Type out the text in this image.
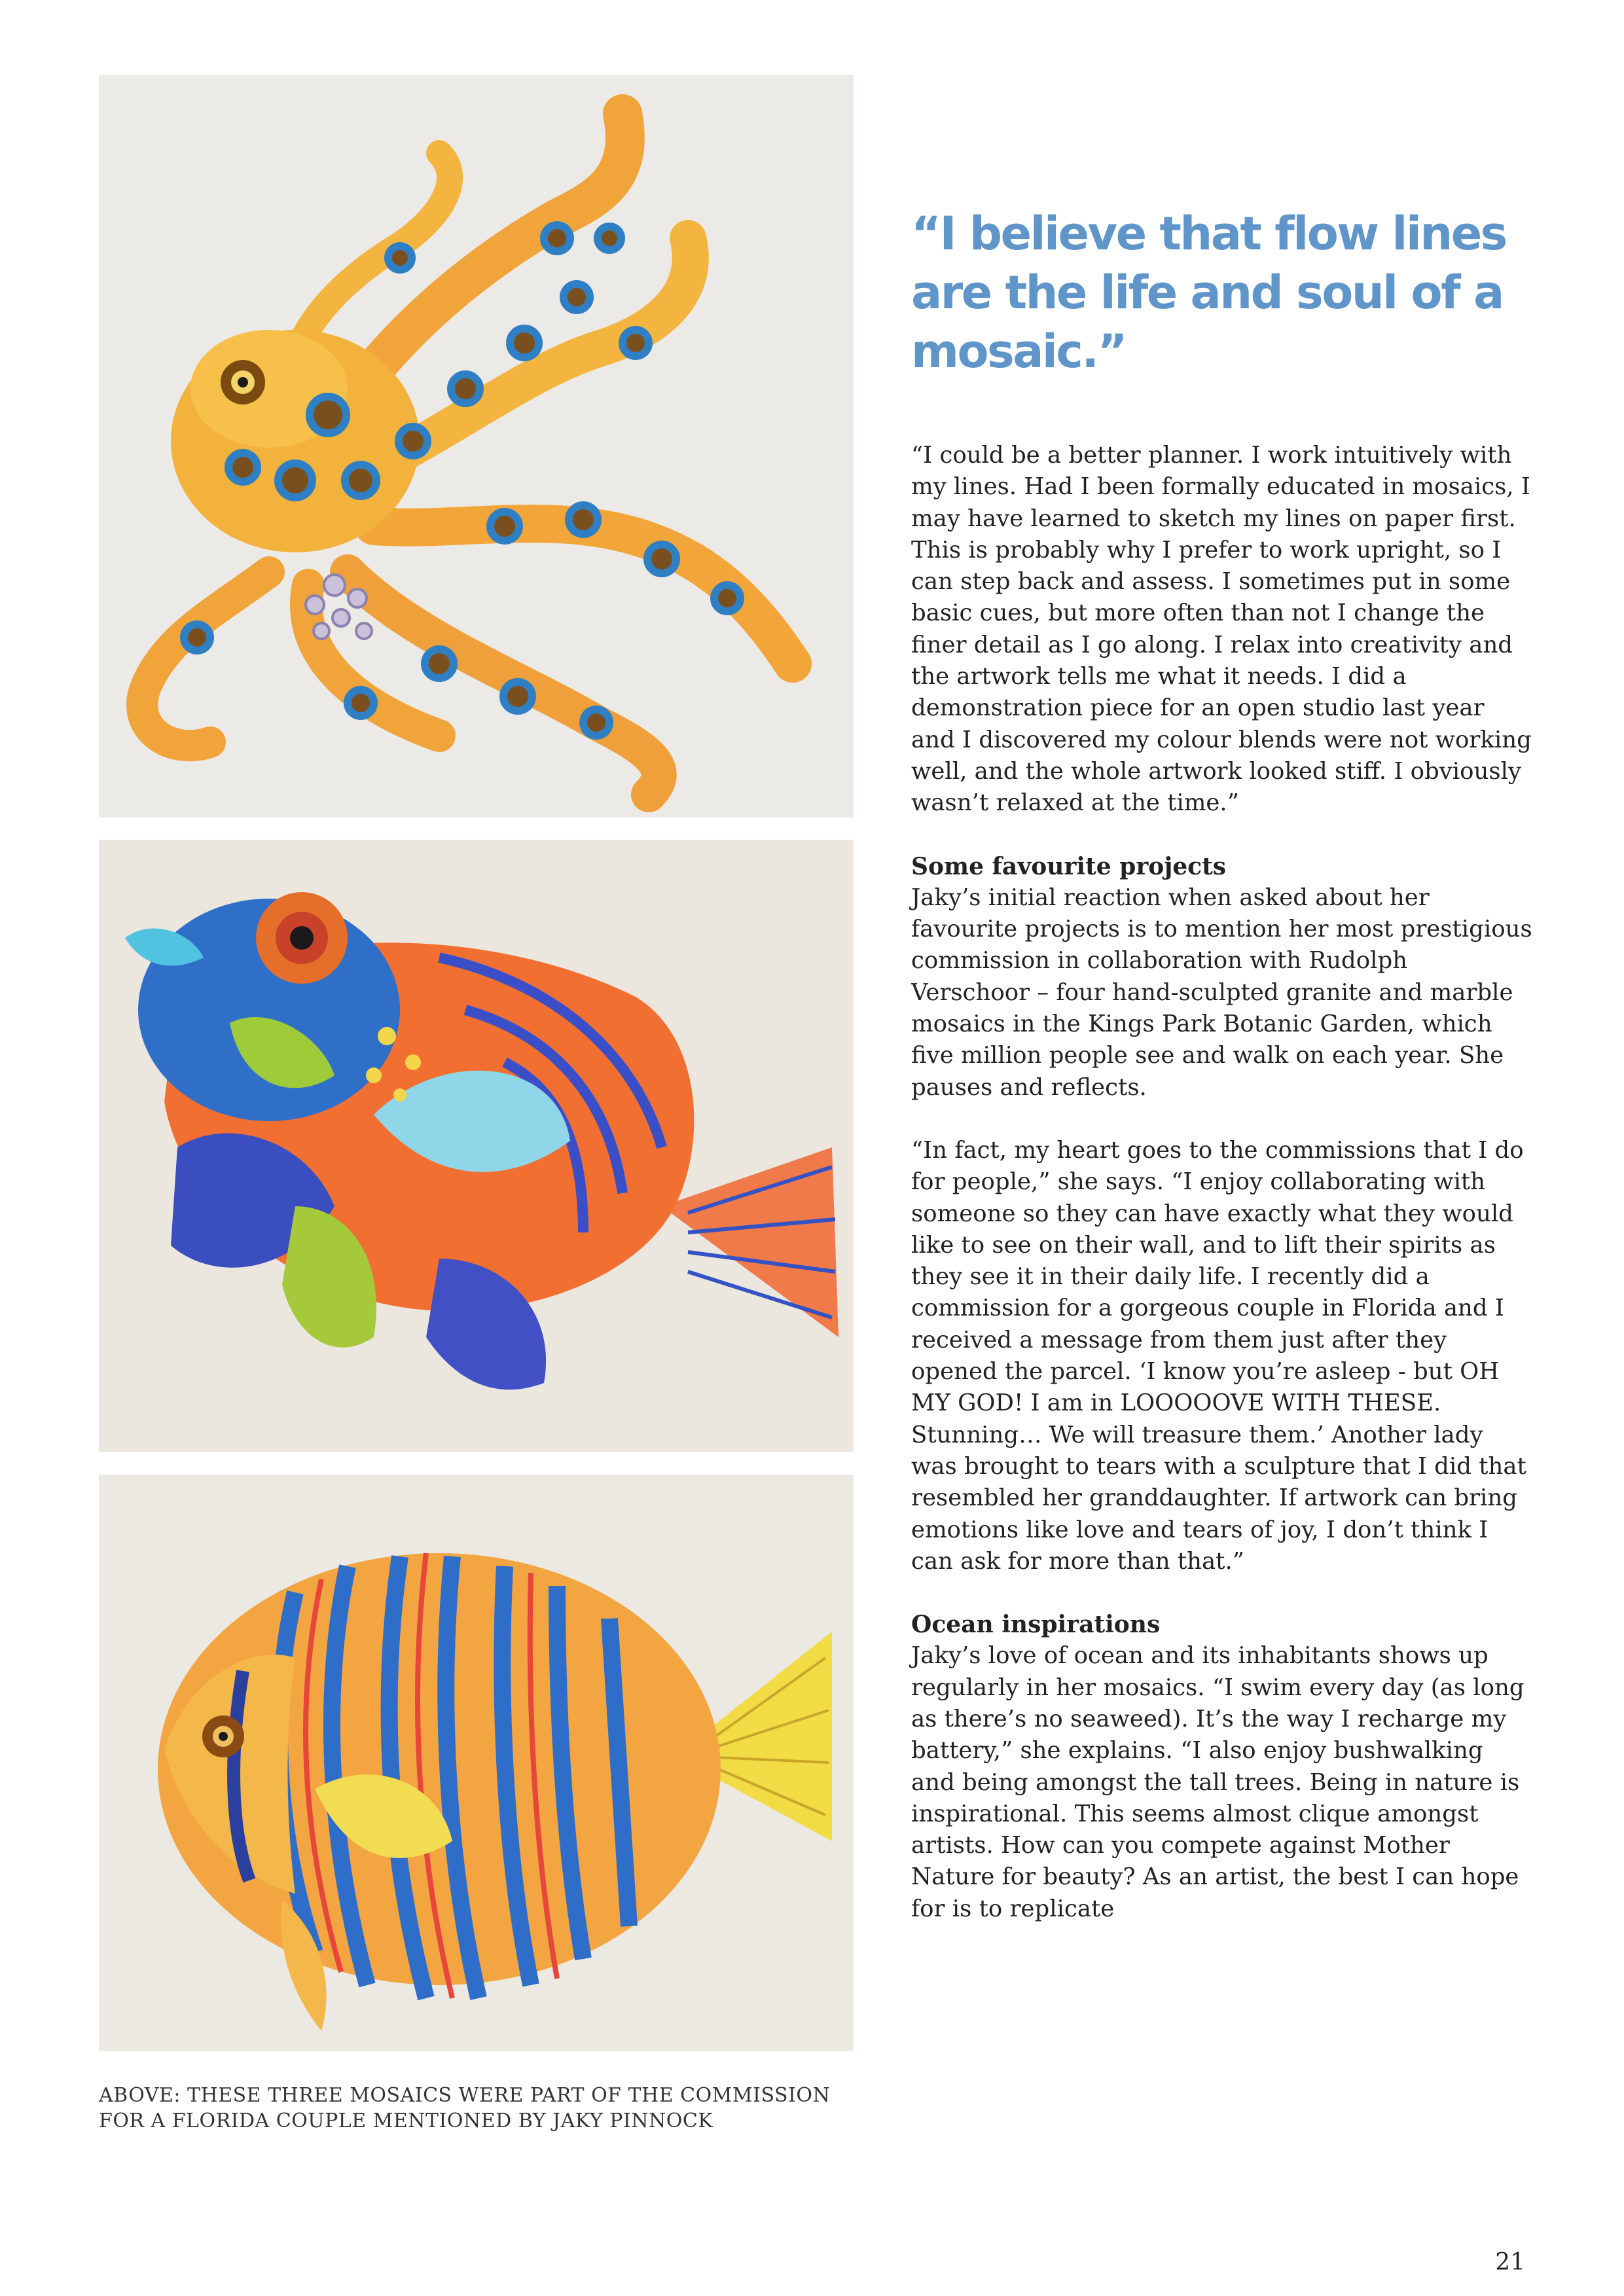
ABOVE: THESE THREE MOSAICS WERE PART OF THE COMMISSION FOR A FLORIDA COUPLE MENTIONED BY JAKY PINNOCK
“I believe that flow lines are the life and soul of a mosaic.”

“I could be a better planner. I work intuitively with my lines. Had I been formally educated in mosaics, I may have learned to sketch my lines on paper first. This is probably why I prefer to work upright, so I can step back and assess. I sometimes put in some basic cues, but more often than not I change the finer detail as I go along. I relax into creativity and the artwork tells me what it needs. I did a demonstration piece for an open studio last year and I discovered my colour blends were not working well, and the whole artwork looked stiff. I obviously wasn’t relaxed at the time.”

Some favourite projects

Jaky’s initial reaction when asked about her favourite projects is to mention her most prestigious commission in collaboration with Rudolph Verschoor – four hand-sculpted granite and marble mosaics in the Kings Park Botanic Garden, which five million people see and walk on each year. She pauses and reflects.

“In fact, my heart goes to the commissions that I do for people,” she says. “I enjoy collaborating with someone so they can have exactly what they would like to see on their wall, and to lift their spirits as they see it in their daily life. I recently did a commission for a gorgeous couple in Florida and I received a message from them just after they opened the parcel. ‘I know you’re asleep - but OH MY GOD! I am in LOOOOOVE WITH THESE. Stunning… We will treasure them.’ Another lady was brought to tears with a sculpture that I did that resembled her granddaughter. If artwork can bring emotions like love and tears of joy, I don’t think I can ask for more than that.”

Ocean inspirations

Jaky’s love of ocean and its inhabitants shows up regularly in her mosaics. “I swim every day (as long as there’s no seaweed). It’s the way I recharge my battery,” she explains. “I also enjoy bushwalking and being amongst the tall trees. Being in nature is inspirational. This seems almost clique amongst artists. How can you compete against Mother Nature for beauty? As an artist, the best I can hope for is to replicate

21
